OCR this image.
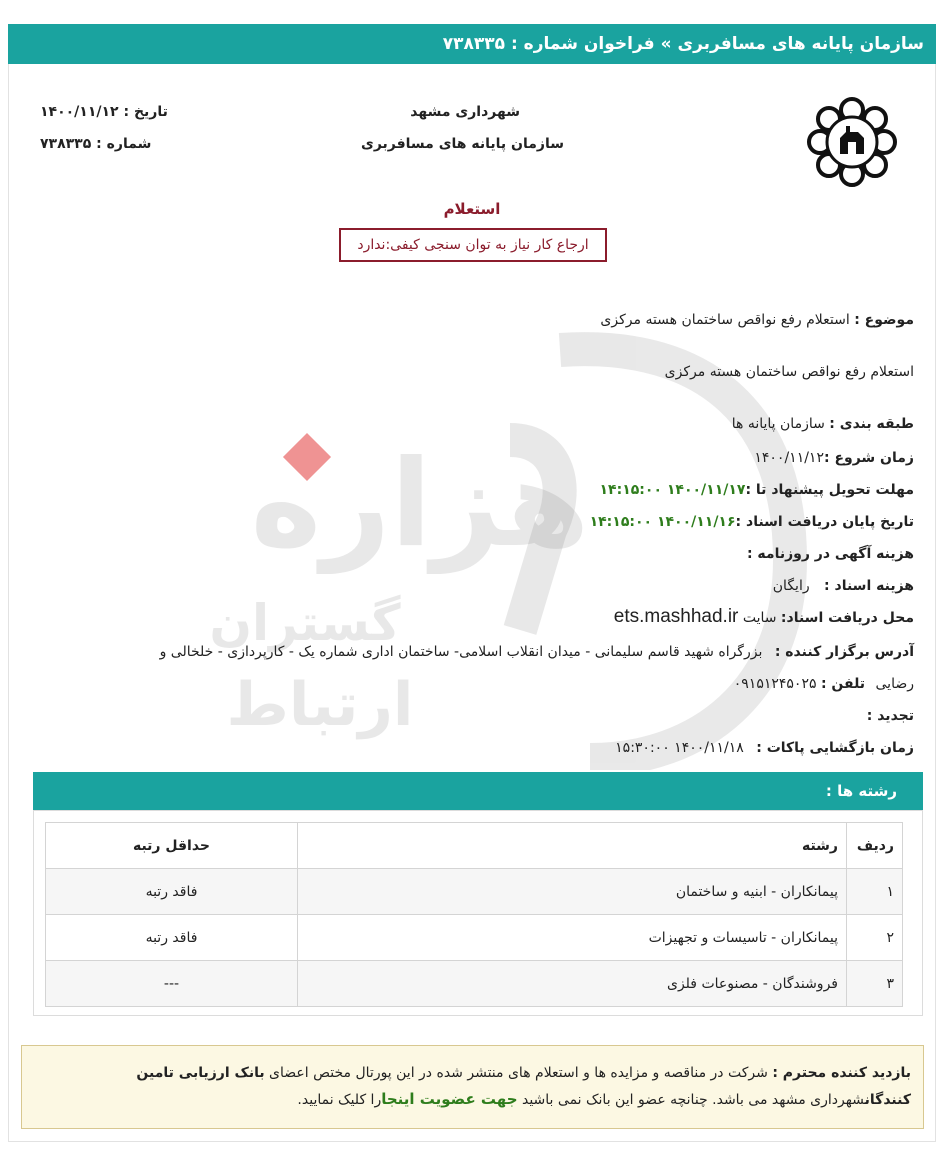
سازمان پایانه های مسافربری » فراخوان شماره : ۷۳۸۳۳۵
شهرداری مشهد
سازمان پایانه های مسافربری
تاریخ : ۱۴۰۰/۱۱/۱۲
شماره : ۷۳۸۳۳۵
استعلام
ارجاع کار نیاز به توان سنجی کیفی:ندارد
موضوع : استعلام رفع نواقص ساختمان هسته مرکزی
استعلام رفع نواقص ساختمان هسته مرکزی
طبقه بندی : سازمان پایانه ها
زمان شروع :۱۴۰۰/۱۱/۱۲
مهلت تحویل پیشنهاد تا :۱۴۰۰/۱۱/۱۷ ۱۴:۱۵:۰۰
تاریخ پایان دریافت اسناد :۱۴۰۰/۱۱/۱۶ ۱۴:۱۵:۰۰
هزینه آگهی در روزنامه :
هزینه اسناد : رایگان
محل دریافت اسناد: سایت ets.mashhad.ir
آدرس برگزار کننده : بزرگراه شهید قاسم سلیمانی - میدان انقلاب اسلامی- ساختمان اداری شماره یک - کارپردازی - خلخالی و
رضایی تلفن : ۰۹۱۵۱۲۴۵۰۲۵
تجدید :
زمان بازگشایی پاکات : ۱۴۰۰/۱۱/۱۸ ۱۵:۳۰:۰۰
رشته ها :
ردیف	رشته	حداقل رتبه
۱	پیمانکاران - ابنیه و ساختمان	فاقد رتبه
۲	پیمانکاران - تاسیسات و تجهیزات	فاقد رتبه
۳	فروشندگان - مصنوعات فلزی	---
بازدید کننده محترم : شرکت در مناقصه و مزایده ها و استعلام های منتشر شده در این پورتال مختص اعضای بانک ارزیابی تامین کنندگانشهرداری مشهد می باشد. چنانچه عضو این بانک نمی باشید جهت عضویت اینجارا کلیک نمایید.
